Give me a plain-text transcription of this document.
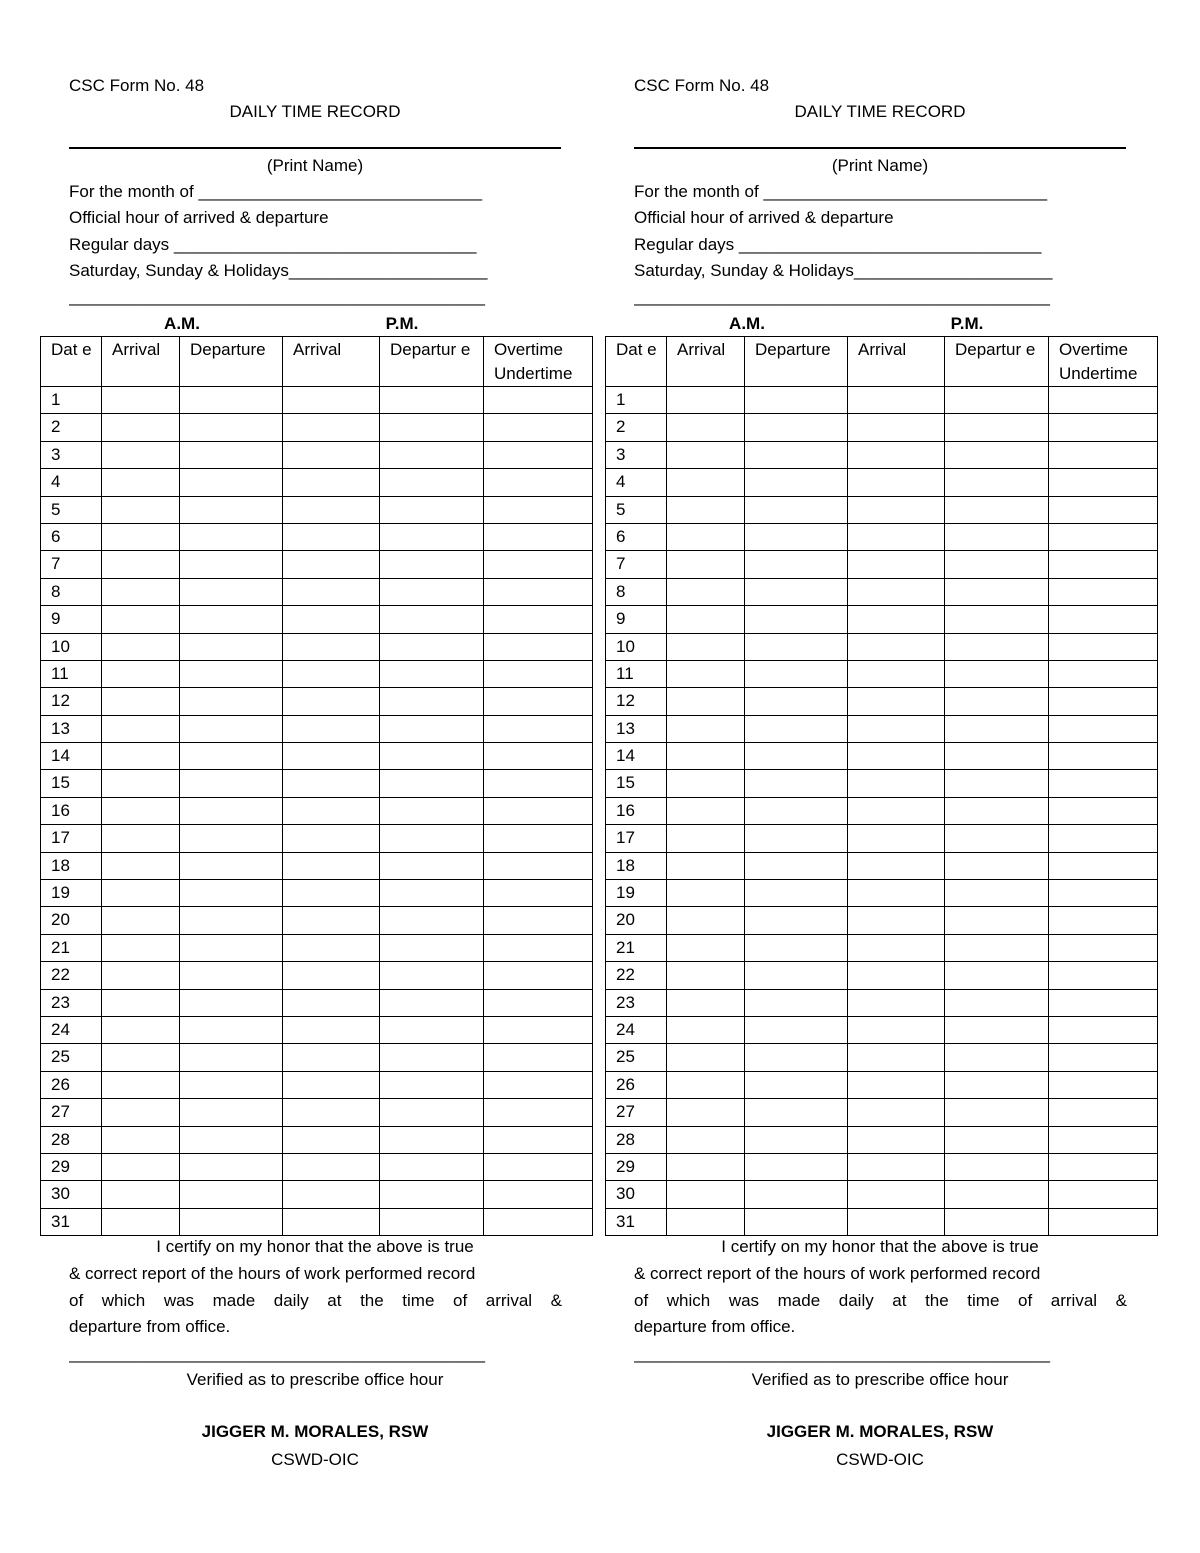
CSC Form No. 48
DAILY TIME RECORD
(Print Name)
For the month of ______________________________
Official hour of arrived & departure
Regular days ________________________________
Saturday, Sunday & Holidays_____________________
____________________________________________
A.M.	P.M.
Dat e	Arrival	Departure	Arrival	Departur e	Overtime Undertime
1					
2					
3					
4					
5					
6					
7					
8					
9					
10					
11					
12					
13					
14					
15					
16					
17					
18					
19					
20					
21					
22					
23					
24					
25					
26					
27					
28					
29					
30					
31					
I certify on my honor that the above is true
& correct report of the hours of work performed record
of which was made daily at the time of arrival &
departure from office.
____________________________________________
Verified as to prescribe office hour
JIGGER M. MORALES, RSW
CSWD-OIC
CSC Form No. 48
DAILY TIME RECORD
(Print Name)
For the month of ______________________________
Official hour of arrived & departure
Regular days ________________________________
Saturday, Sunday & Holidays_____________________
____________________________________________
A.M.	P.M.
Dat e	Arrival	Departure	Arrival	Departur e	Overtime Undertime
1					
2					
3					
4					
5					
6					
7					
8					
9					
10					
11					
12					
13					
14					
15					
16					
17					
18					
19					
20					
21					
22					
23					
24					
25					
26					
27					
28					
29					
30					
31					
I certify on my honor that the above is true
& correct report of the hours of work performed record
of which was made daily at the time of arrival &
departure from office.
____________________________________________
Verified as to prescribe office hour
JIGGER M. MORALES, RSW
CSWD-OIC
